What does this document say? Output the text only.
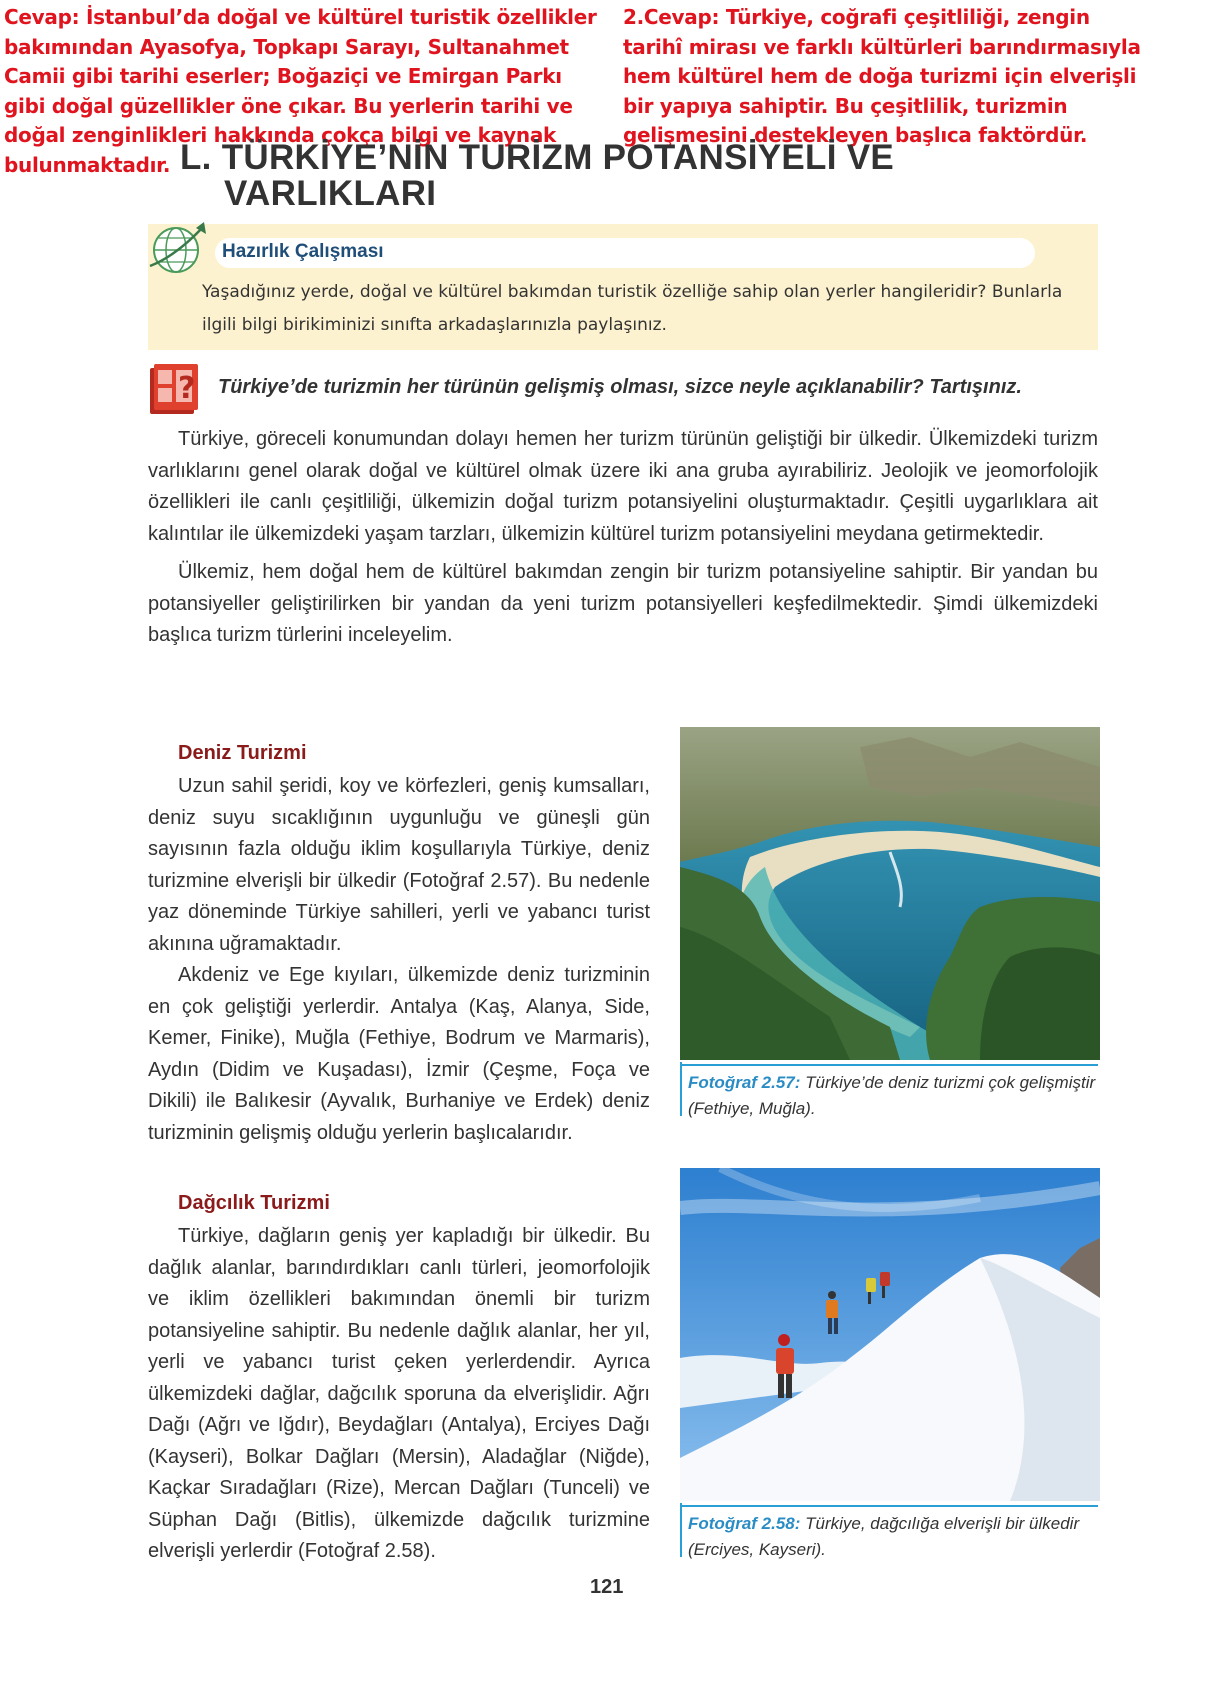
Cevap: İstanbul’da doğal ve kültürel turistik özellikler bakımından Ayasofya, Topkapı Sarayı, Sultanahmet Camii gibi tarihi eserler; Boğaziçi ve Emirgan Parkı gibi doğal güzellikler öne çıkar. Bu yerlerin tarihi ve doğal zenginlikleri hakkında çokça bilgi ve kaynak bulunmaktadır.
2.Cevap: Türkiye, coğrafi çeşitliliği, zengin tarihî mirası ve farklı kültürleri barındırmasıyla hem kültürel hem de doğa turizmi için elverişli bir yapıya sahiptir. Bu çeşitlilik, turizmin gelişmesini destekleyen başlıca faktördür.
L. TÜRKİYE’NİN TURİZM POTANSİYELİ VE
VARLIKLARI
Hazırlık Çalışması
Yaşadığınız yerde, doğal ve kültürel bakımdan turistik özelliğe sahip olan yerler hangileridir? Bunlarla ilgili bilgi birikiminizi sınıfta arkadaşlarınızla paylaşınız.
? Türkiye’de turizmin her türünün gelişmiş olması, sizce neyle açıklanabilir? Tartışınız.

Türkiye, göreceli konumundan dolayı hemen her turizm türünün geliştiği bir ülkedir. Ülkemizdeki turizm varlıklarını genel olarak doğal ve kültürel olmak üzere iki ana gruba ayırabiliriz. Jeolojik ve jeomorfolojik özellikleri ile canlı çeşitliliği, ülkemizin doğal turizm potansiyelini oluşturmaktadır. Çeşitli uygarlıklara ait kalıntılar ile ülkemizdeki yaşam tarzları, ülkemizin kültürel turizm potansiyelini meydana getirmektedir.

Ülkemiz, hem doğal hem de kültürel bakımdan zengin bir turizm potansiyeline sahiptir. Bir yandan bu potansiyeller geliştirilirken bir yandan da yeni turizm potansiyelleri keşfedilmektedir. Şimdi ülkemizdeki başlıca turizm türlerini inceleyelim.

Deniz Turizmi

Uzun sahil şeridi, koy ve körfezleri, geniş kumsalları, deniz suyu sıcaklığının uygunluğu ve güneşli gün sayısının fazla olduğu iklim koşullarıyla Türkiye, deniz turizmine elverişli bir ülkedir (Fotoğraf 2.57). Bu nedenle yaz döneminde Türkiye sahilleri, yerli ve yabancı turist akınına uğramaktadır.

Akdeniz ve Ege kıyıları, ülkemizde deniz turizminin en çok geliştiği yerlerdir. Antalya (Kaş, Alanya, Side, Kemer, Finike), Muğla (Fethiye, Bodrum ve Marmaris), Aydın (Didim ve Kuşadası), İzmir (Çeşme, Foça ve Dikili) ile Balıkesir (Ayvalık, Burhaniye ve Erdek) deniz turizminin gelişmiş olduğu yerlerin başlıcalarıdır.

Fotoğraf 2.57: Türkiye’de deniz turizmi çok gelişmiştir (Fethiye, Muğla).
Dağcılık Turizmi

Türkiye, dağların geniş yer kapladığı bir ülkedir. Bu dağlık alanlar, barındırdıkları canlı türleri, jeomorfolojik ve iklim özellikleri bakımından önemli bir turizm potansiyeline sahiptir. Bu nedenle dağlık alanlar, her yıl, yerli ve yabancı turist çeken yerlerdendir. Ayrıca ülkemizdeki dağlar, dağcılık sporuna da elverişlidir. Ağrı Dağı (Ağrı ve Iğdır), Beydağları (Antalya), Erciyes Dağı (Kayseri), Bolkar Dağları (Mersin), Aladağlar (Niğde), Kaçkar Sıradağları (Rize), Mercan Dağları (Tunceli) ve Süphan Dağı (Bitlis), ülkemizde dağcılık turizmine elverişli yerlerdir (Fotoğraf 2.58).

Fotoğraf 2.58: Türkiye, dağcılığa elverişli bir ülkedir (Erciyes, Kayseri).
121
